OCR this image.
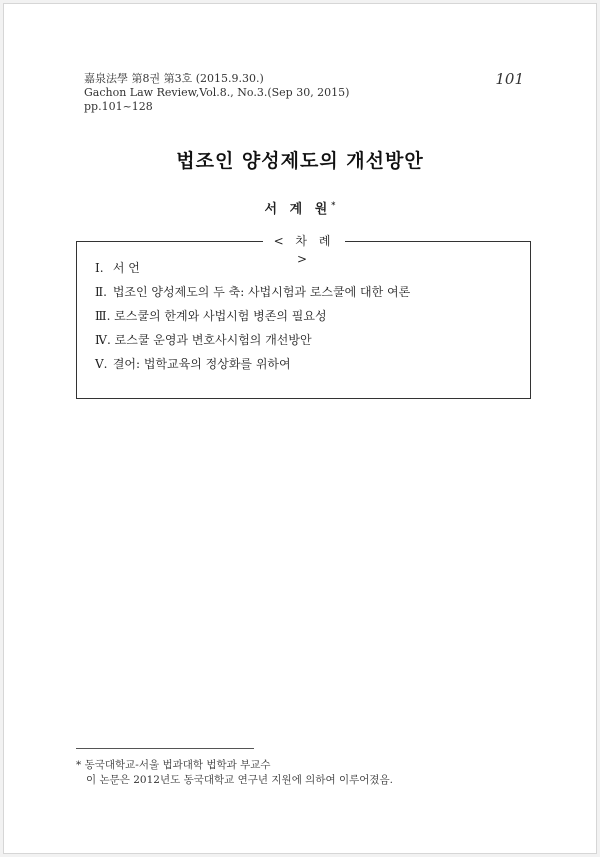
嘉泉法學 第8권 第3호 (2015.9.30.)
Gachon Law Review,Vol.8., No.3.(Sep 30, 2015)
pp.101~128
101
법조인 양성제도의 개선방안
서 계 원*
< 차 례 >
Ⅰ. 서 언
Ⅱ. 법조인 양성제도의 두 축: 사법시험과 로스쿨에 대한 여론
Ⅲ. 로스쿨의 한계와 사법시험 병존의 필요성
Ⅳ. 로스쿨 운영과 변호사시험의 개선방안
Ⅴ. 결어: 법학교육의 정상화를 위하여
* 동국대학교-서울 법과대학 법학과 부교수
이 논문은 2012년도 동국대학교 연구년 지원에 의하여 이루어졌음.
